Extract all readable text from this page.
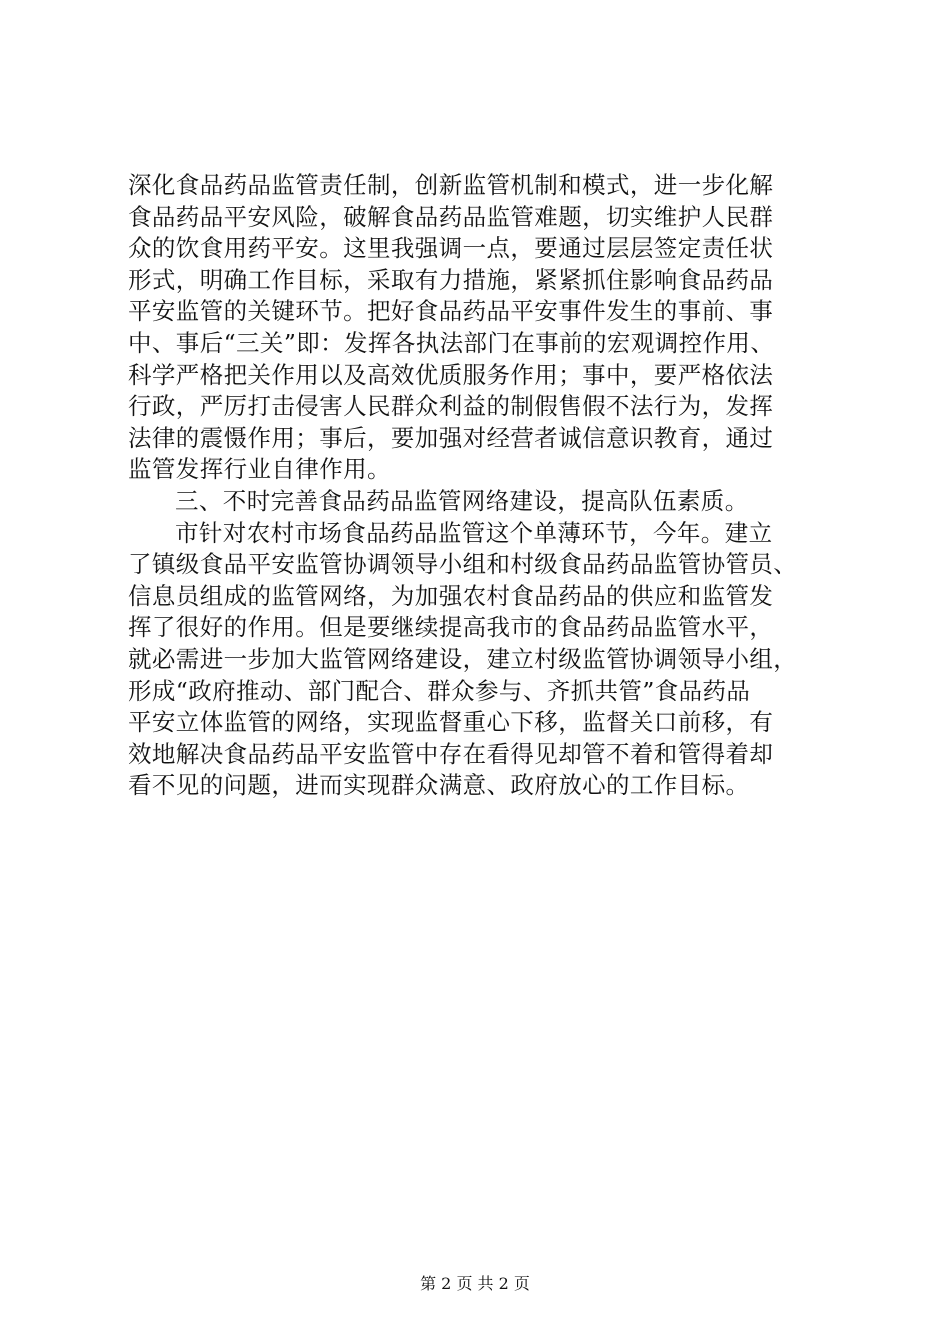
深化食品药品监管责任制，创新监管机制和模式，进一步化解
食品药品平安风险，破解食品药品监管难题，切实维护人民群
众的饮食用药平安。这里我强调一点，要通过层层签定责任状
形式，明确工作目标，采取有力措施，紧紧抓住影响食品药品
平安监管的关键环节。把好食品药品平安事件发生的事前、事
中、事后“三关”即：发挥各执法部门在事前的宏观调控作用、
科学严格把关作用以及高效优质服务作用；事中，要严格依法
行政，严厉打击侵害人民群众利益的制假售假不法行为，发挥
法律的震慑作用；事后，要加强对经营者诚信意识教育，通过
监管发挥行业自律作用。
三、不时完善食品药品监管网络建设，提高队伍素质。
市针对农村市场食品药品监管这个单薄环节，今年。建立
了镇级食品平安监管协调领导小组和村级食品药品监管协管员、
信息员组成的监管网络，为加强农村食品药品的供应和监管发
挥了很好的作用。但是要继续提高我市的食品药品监管水平，
就必需进一步加大监管网络建设，建立村级监管协调领导小组，
形成“政府推动、部门配合、群众参与、齐抓共管”食品药品
平安立体监管的网络，实现监督重心下移，监督关口前移，有
效地解决食品药品平安监管中存在看得见却管不着和管得着却
看不见的问题，进而实现群众满意、政府放心的工作目标。
第 2 页 共 2 页
